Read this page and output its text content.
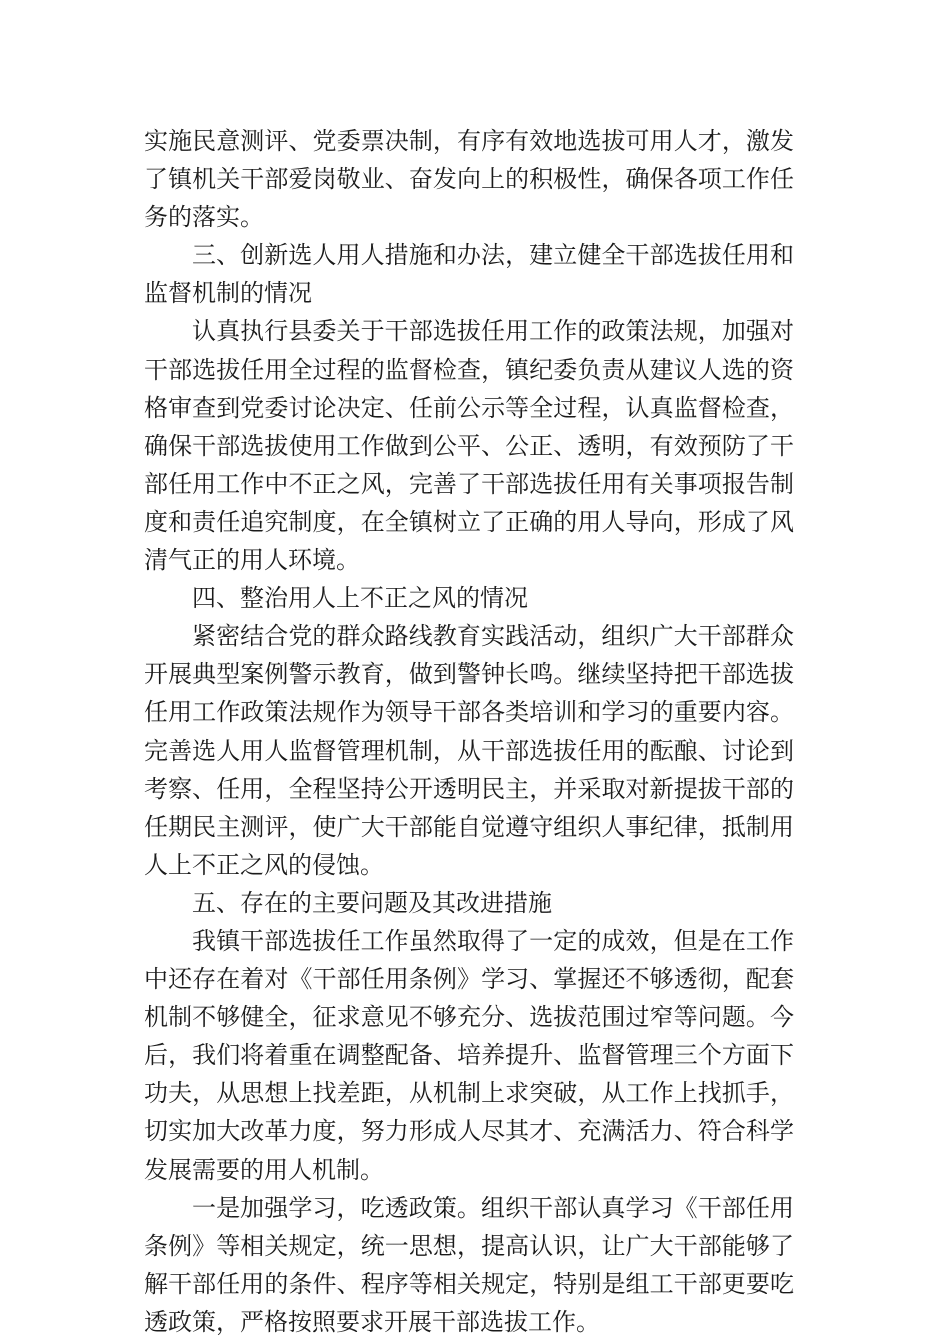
实施民意测评、党委票决制，有序有效地选拔可用人才，激发了镇机关干部爱岗敬业、奋发向上的积极性，确保各项工作任务的落实。

三、创新选人用人措施和办法，建立健全干部选拔任用和监督机制的情况

认真执行县委关于干部选拔任用工作的政策法规，加强对干部选拔任用全过程的监督检查，镇纪委负责从建议人选的资格审查到党委讨论决定、任前公示等全过程，认真监督检查，确保干部选拔使用工作做到公平、公正、透明，有效预防了干部任用工作中不正之风，完善了干部选拔任用有关事项报告制度和责任追究制度，在全镇树立了正确的用人导向，形成了风清气正的用人环境。

四、整治用人上不正之风的情况

紧密结合党的群众路线教育实践活动，组织广大干部群众开展典型案例警示教育，做到警钟长鸣。继续坚持把干部选拔任用工作政策法规作为领导干部各类培训和学习的重要内容。完善选人用人监督管理机制，从干部选拔任用的酝酿、讨论到考察、任用，全程坚持公开透明民主，并采取对新提拔干部的任期民主测评，使广大干部能自觉遵守组织人事纪律，抵制用人上不正之风的侵蚀。

五、存在的主要问题及其改进措施

我镇干部选拔任工作虽然取得了一定的成效，但是在工作中还存在着对《干部任用条例》学习、掌握还不够透彻，配套机制不够健全，征求意见不够充分、选拔范围过窄等问题。今后，我们将着重在调整配备、培养提升、监督管理三个方面下功夫，从思想上找差距，从机制上求突破，从工作上找抓手，切实加大改革力度，努力形成人尽其才、充满活力、符合科学发展需要的用人机制。

一是加强学习，吃透政策。组织干部认真学习《干部任用条例》等相关规定，统一思想，提高认识，让广大干部能够了解干部任用的条件、程序等相关规定，特别是组工干部更要吃透政策，严格按照要求开展干部选拔工作。
